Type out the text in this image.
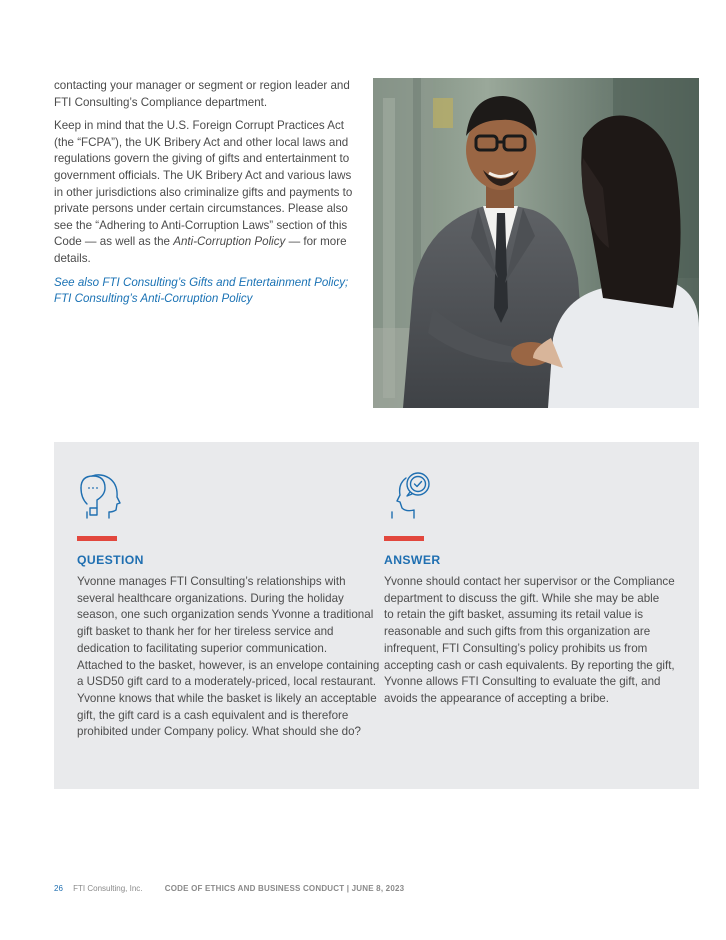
contacting your manager or segment or region leader and FTI Consulting’s Compliance department.

Keep in mind that the U.S. Foreign Corrupt Practices Act (the “FCPA”), the UK Bribery Act and other local laws and regulations govern the giving of gifts and entertainment to government officials. The UK Bribery Act and various laws in other jurisdictions also criminalize gifts and payments to private persons under certain circumstances. Please also see the “Adhering to Anti-Corruption Laws” section of this Code — as well as the Anti-Corruption Policy — for more details.

See also FTI Consulting’s Gifts and Entertainment Policy;
FTI Consulting’s Anti-Corruption Policy

QUESTION
Yvonne manages FTI Consulting’s relationships with
several healthcare organizations. During the holiday
season, one such organization sends Yvonne a traditional
gift basket to thank her for her tireless service and
dedication to facilitating superior communication.
Attached to the basket, however, is an envelope containing
a USD50 gift card to a moderately-priced, local restaurant.
Yvonne knows that while the basket is likely an acceptable
gift, the gift card is a cash equivalent and is therefore
prohibited under Company policy. What should she do?
ANSWER
Yvonne should contact her supervisor or the Compliance
department to discuss the gift. While she may be able
to retain the gift basket, assuming its retail value is
reasonable and such gifts from this organization are
infrequent, FTI Consulting’s policy prohibits us from
accepting cash or cash equivalents. By reporting the gift,
Yvonne allows FTI Consulting to evaluate the gift, and
avoids the appearance of accepting a bribe.
26 FTI Consulting, Inc.	CODE OF ETHICS AND BUSINESS CONDUCT | JUNE 8, 2023
